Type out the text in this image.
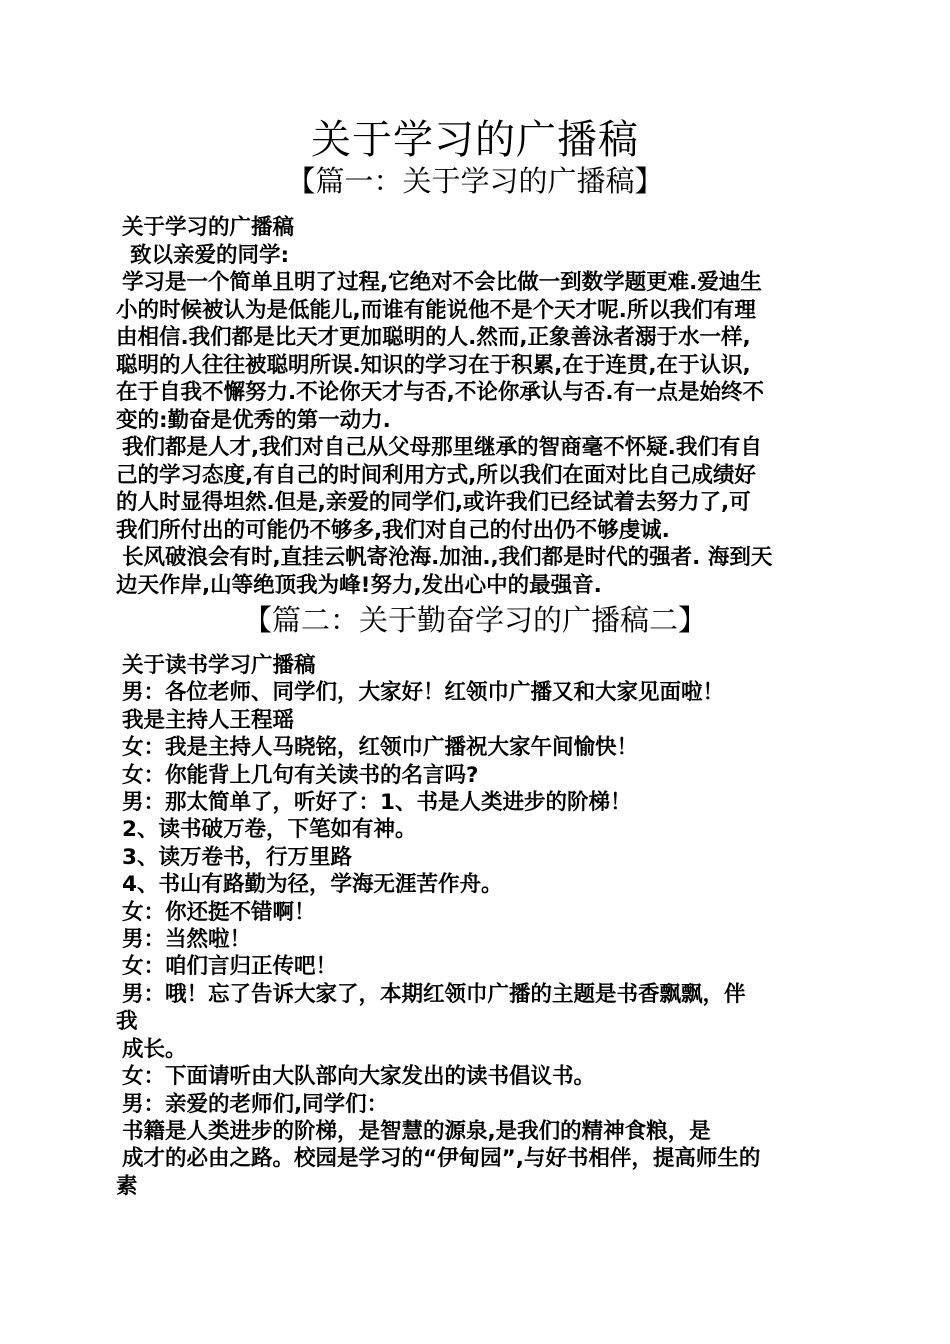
关于学习的广播稿
【篇一：关于学习的广播稿】

关于学习的广播稿

致以亲爱的同学:

学习是一个简单且明了过程,它绝对不会比做一到数学题更难.爱迪生

小的时候被认为是低能儿,而谁有能说他不是个天才呢.所以我们有理

由相信.我们都是比天才更加聪明的人.然而,正象善泳者溺于水一样,

聪明的人往往被聪明所误.知识的学习在于积累,在于连贯,在于认识,

在于自我不懈努力.不论你天才与否,不论你承认与否.有一点是始终不

变的:勤奋是优秀的第一动力.

我们都是人才,我们对自己从父母那里继承的智商毫不怀疑.我们有自

己的学习态度,有自己的时间利用方式,所以我们在面对比自己成绩好

的人时显得坦然.但是,亲爱的同学们,或许我们已经试着去努力了,可

我们所付出的可能仍不够多,我们对自己的付出仍不够虔诚.

长风破浪会有时,直挂云帆寄沧海.加油.,我们都是时代的强者. 海到天

边天作岸,山等绝顶我为峰!努力,发出心中的最强音.

【篇二：关于勤奋学习的广播稿二】

关于读书学习广播稿

男：各位老师、同学们，大家好！红领巾广播又和大家见面啦！

我是主持人王程瑶

女：我是主持人马晓铭，红领巾广播祝大家午间愉快！

女：你能背上几句有关读书的名言吗?

男：那太简单了，听好了：1、书是人类进步的阶梯！

2、读书破万卷，下笔如有神。

3、读万卷书，行万里路

4、书山有路勤为径，学海无涯苦作舟。

女：你还挺不错啊！

男：当然啦！

女：咱们言归正传吧！

男：哦！忘了告诉大家了，本期红领巾广播的主题是书香飘飘，伴

我

成长。

女：下面请听由大队部向大家发出的读书倡议书。

男：亲爱的老师们,同学们：

书籍是人类进步的阶梯，是智慧的源泉,是我们的精神食粮，是

成才的必由之路。校园是学习的“伊甸园”,与好书相伴，提高师生的

素
